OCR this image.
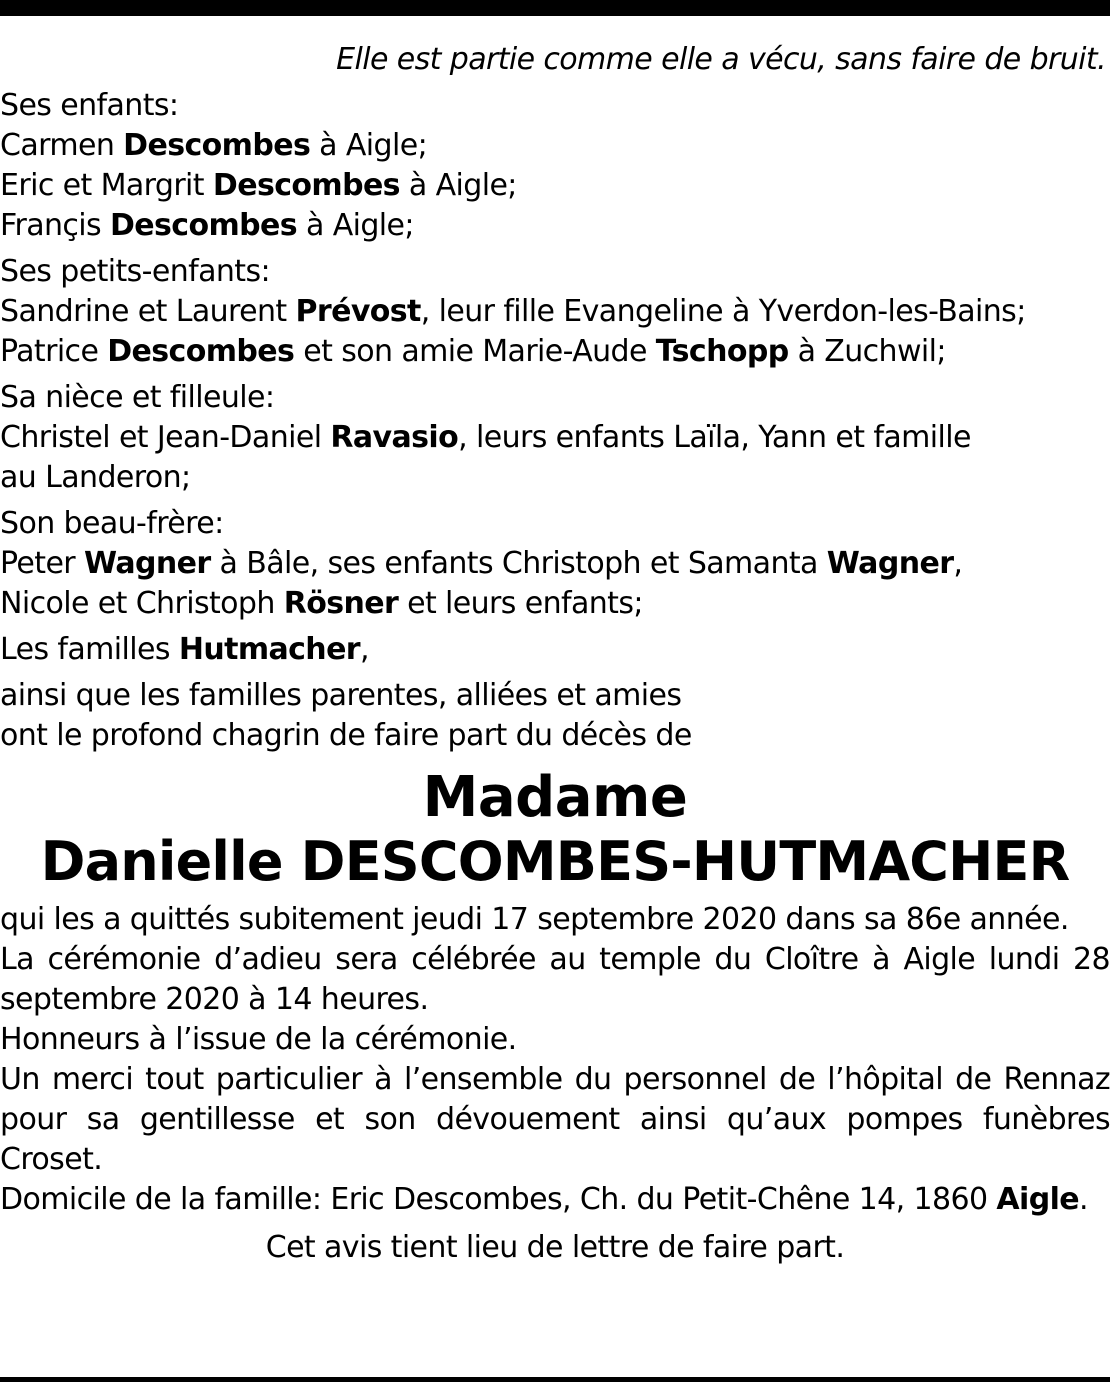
Elle est partie comme elle a vécu, sans faire de bruit.

Ses enfants:
Carmen Descombes à Aigle;
Eric et Margrit Descombes à Aigle;
Françis Descombes à Aigle;
Ses petits-enfants:
Sandrine et Laurent Prévost, leur fille Evangeline à Yverdon-les-Bains;
Patrice Descombes et son amie Marie-Aude Tschopp à Zuchwil;
Sa nièce et filleule:
Christel et Jean-Daniel Ravasio, leurs enfants Laïla, Yann et famille
au Landeron;
Son beau-frère:
Peter Wagner à Bâle, ses enfants Christoph et Samanta Wagner,
Nicole et Christoph Rösner et leurs enfants;
Les familles Hutmacher,
ainsi que les familles parentes, alliées et amies
ont le profond chagrin de faire part du décès de
Madame
Danielle DESCOMBES-HUTMACHER
qui les a quittés subitement jeudi 17 septembre 2020 dans sa 86e année.
La cérémonie d’adieu sera célébrée au temple du Cloître à Aigle lundi 28 septembre 2020 à 14 heures.
Honneurs à l’issue de la cérémonie.
Un merci tout particulier à l’ensemble du personnel de l’hôpital de Rennaz pour sa gentillesse et son dévouement ainsi qu’aux pompes funèbres Croset.
Domicile de la famille: Eric Descombes, Ch. du Petit-Chêne 14, 1860 Aigle.
Cet avis tient lieu de lettre de faire part.
